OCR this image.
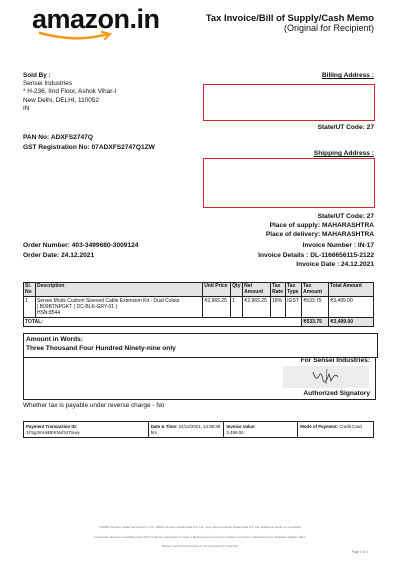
amazon.in	Tax Invoice/Bill of Supply/Cash Memo
(Original for Recipient)
Sold By :
Sensei Industries
* H-236, IInd Floor, Ashok Vihar-I
New Delhi, DELHI, 110052
IN
Billing Address :
State/UT Code: 27
PAN No: ADXFS2747Q
GST Registration No: 07ADXFS2747Q1ZW
Shipping Address :
State/UT Code: 27
Place of supply: MAHARASHTRA
Place of delivery: MAHARASHTRA
Order Number: 403-3499680-3009124
Order Date: 24.12.2021
Invoice Number : IN-17
Invoice Details : DL-1166656115-2122
Invoice Date : 24.12.2021
Sl. No	Description	Unit Price	Qty	Net Amount	Tax Rate	Tax Type	Tax Amount	Total Amount
1	Sensei Mods Custom Sleeved Cable Extension Kit - Dual Colour
| B09BTNPGKT ( DC-BLK-GRY-01 )
HSN:8544	₹2,965.25	1	₹2,965.25	18%	IGST	₹533.75	₹3,499.00
TOTAL:							₹533.75	₹3,499.00
Amount in Words:
Three Thousand Four Hundred Ninety-nine only
For Sensei Industries:
Authorized Signatory
Whether tax is payable under reverse charge - No
Payment Transaction ID:
1FSg3mHsBEKNvf247mwy

Date & Time: 24/12/2021, 14:59:38
hrs

Invoice Value:
3,499.00
	Mode of Payment: Credit Card
*ASSPL-Amazon Seller Services Pvt. Ltd., ARIPL-Amazon Retail India Pvt. Ltd. (only where Amazon Retail India Pvt. Ltd. fulfillment center is co-located)
Customers desirous of availing input GST credit are requested to create a Business account and purchase on Amazon.in/business from Business eligible offers
Please note that this invoice is not a demand for payment
Page 1 of 1
